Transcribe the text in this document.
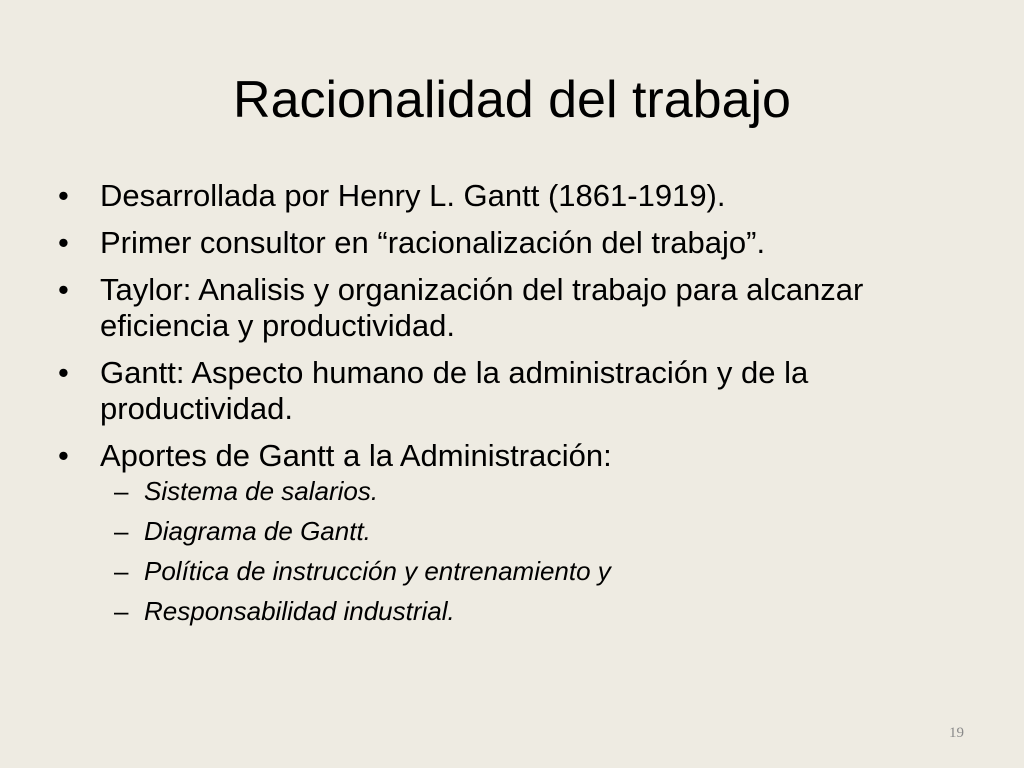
Racionalidad del trabajo
•	Desarrollada por Henry L. Gantt (1861-1919).
•	Primer consultor en “racionalización del trabajo”.
•	Taylor: Analisis y organización del trabajo para alcanzar eficiencia y productividad.
•	Gantt: Aspecto humano de la administración y de la productividad.
•	Aportes de Gantt a la Administración:
– Sistema de salarios.
– Diagrama de Gantt.
– Política de instrucción y entrenamiento y
– Responsabilidad industrial.
19
